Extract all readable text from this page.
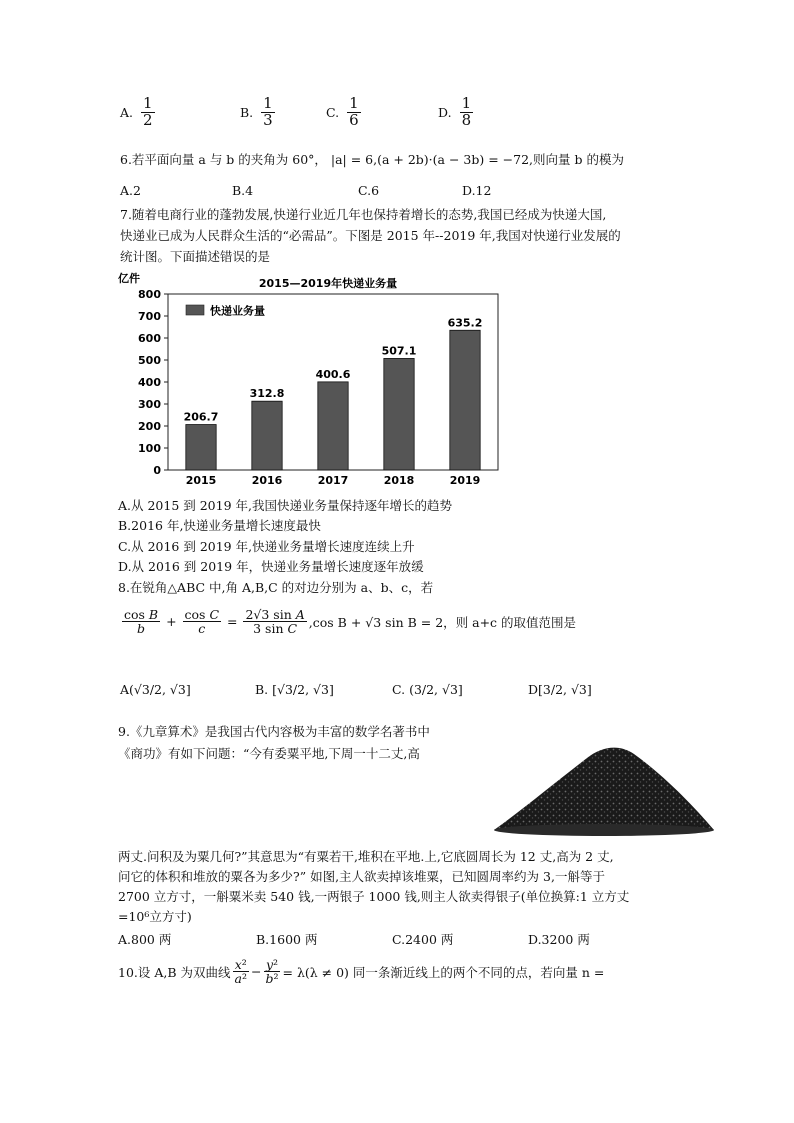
A. $\frac{1}{2}$	B. $\frac{1}{3}$	C. $\frac{1}{6}$	D. $\frac{1}{8}$
6.若平面向量 a 与 b 的夹角为 60°， |a| = 6,(a + 2b)·(a − 3b) = −72,则向量 b 的模为
A.2	B.4	C.6	D.12
7.随着电商行业的蓬勃发展,快递行业近几年也保持着增长的态势,我国已经成为快递大国,
快递业已成为人民群众生活的“必需品”。下图是 2015 年--2019 年,我国对快递行业发展的
统计图。下面描述错误的是
亿件	2015—2019年快递业务量
0
100
200
300
400
500
600
700
800
206.7
2015
312.8
2016
400.6
2017
507.1
2018
635.2
2019
快递业务量
A.从 2015 到 2019 年,我国快递业务量保持逐年增长的趋势
B.2016 年,快递业务量增长速度最快
C.从 2016 到 2019 年,快递业务量增长速度连续上升
D.从 2016 到 2019 年，快递业务量增长速度逐年放缓
8.在锐角△ABC 中,角 A,B,C 的对边分别为 a、b、c，若
$\frac{\text{cos B}}{b} + \frac{\text{cos C}}{c} = \frac{\text{2√3 sin A}}{\text{3 sin C}} ,\cos$ B + √3 sin B = 2，则 a+c 的取值范围是
A(√3/2, √3]	B. [√3/2, √3]	C. (3/2, √3]	D[3/2, √3]
9.《九章算术》是我国古代内容极为丰富的数学名著书中
《商功》有如下问题：“今有委粟平地,下周一十二丈,高
两丈.问积及为粟几何?”其意思为“有粟若干,堆积在平地.上,它底圆周长为 12 丈,高为 2 丈,
问它的体积和堆放的粟各为多少?” 如图,主人欲卖掉该堆粟，已知圆周率约为 3,一斛等于
2700 立方寸，一斛粟米卖 540 钱,一两银子 1000 钱,则主人欲卖得银子(单位换算:1 立方丈
=10⁶立方寸)
A.800 两	B.1600 两	C.2400 两	D.3200 两
10.设 A,B 为双曲线 $\frac{\text{x²}}{\text{a²}} - \frac{\text{y²}}{\text{b²}} = \lambda(\lambda \ne 0)$ 同一条渐近线上的两个不同的点，若向量 n =
